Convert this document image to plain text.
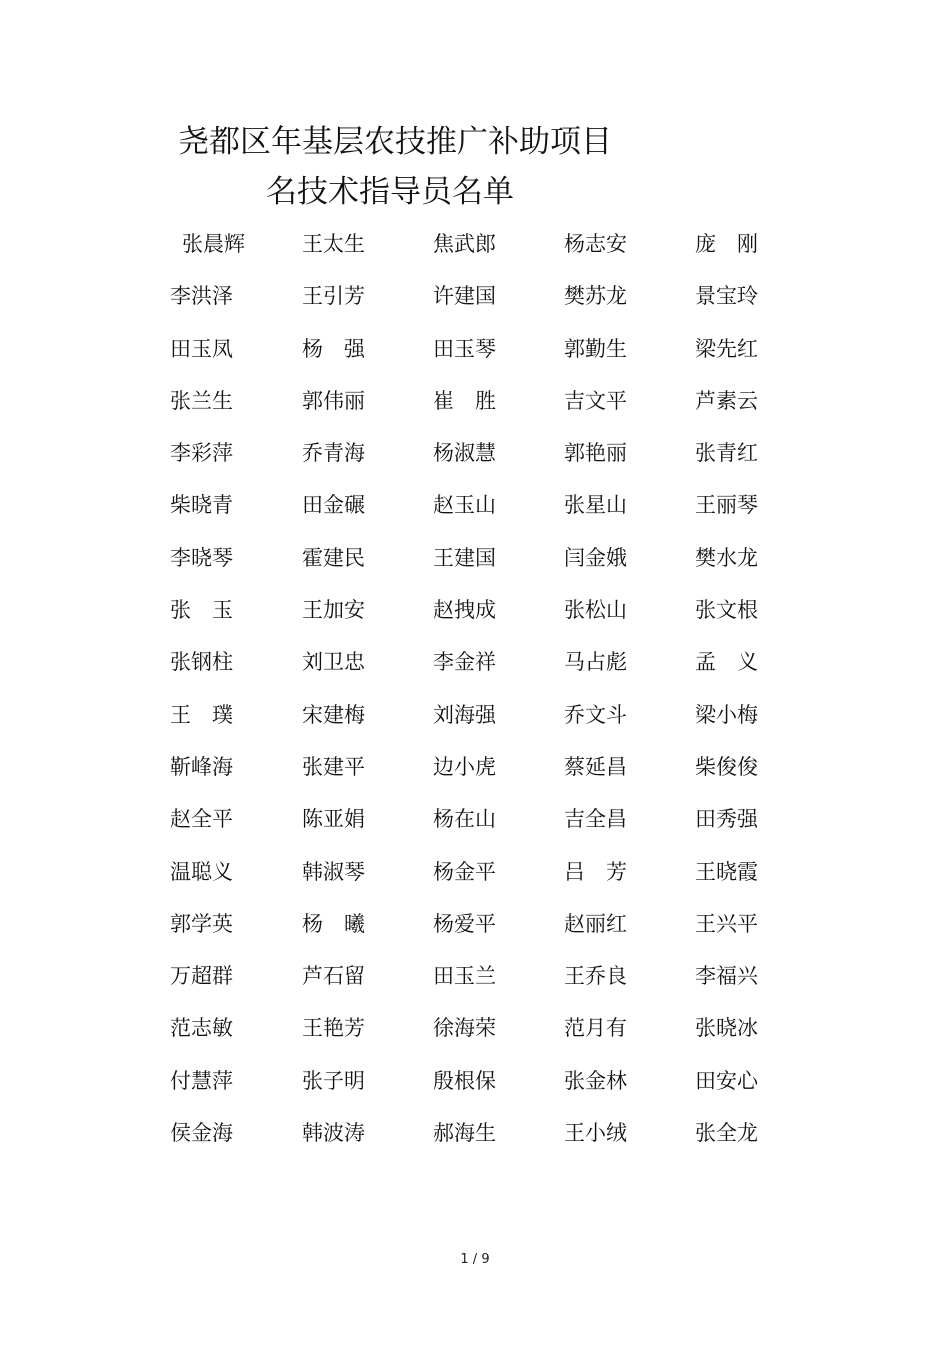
尧都区年基层农技推广补助项目
名技术指导员名单
张晨辉	王太生	焦武郎	杨志安	庞　刚
李洪泽	王引芳	许建国	樊苏龙	景宝玲
田玉凤	杨　强	田玉琴	郭勤生	梁先红
张兰生	郭伟丽	崔　胜	吉文平	芦素云
李彩萍	乔青海	杨淑慧	郭艳丽	张青红
柴晓青	田金碾	赵玉山	张星山	王丽琴
李晓琴	霍建民	王建国	闫金娥	樊水龙
张　玉	王加安	赵拽成	张松山	张文根
张钢柱	刘卫忠	李金祥	马占彪	孟　义
王　璞	宋建梅	刘海强	乔文斗	梁小梅
靳峰海	张建平	边小虎	蔡延昌	柴俊俊
赵全平	陈亚娟	杨在山	吉全昌	田秀强
温聪义	韩淑琴	杨金平	吕　芳	王晓霞
郭学英	杨　曦	杨爱平	赵丽红	王兴平
万超群	芦石留	田玉兰	王乔良	李福兴
范志敏	王艳芳	徐海荣	范月有	张晓冰
付慧萍	张子明	殷根保	张金林	田安心
侯金海	韩波涛	郝海生	王小绒	张全龙
1 / 9
